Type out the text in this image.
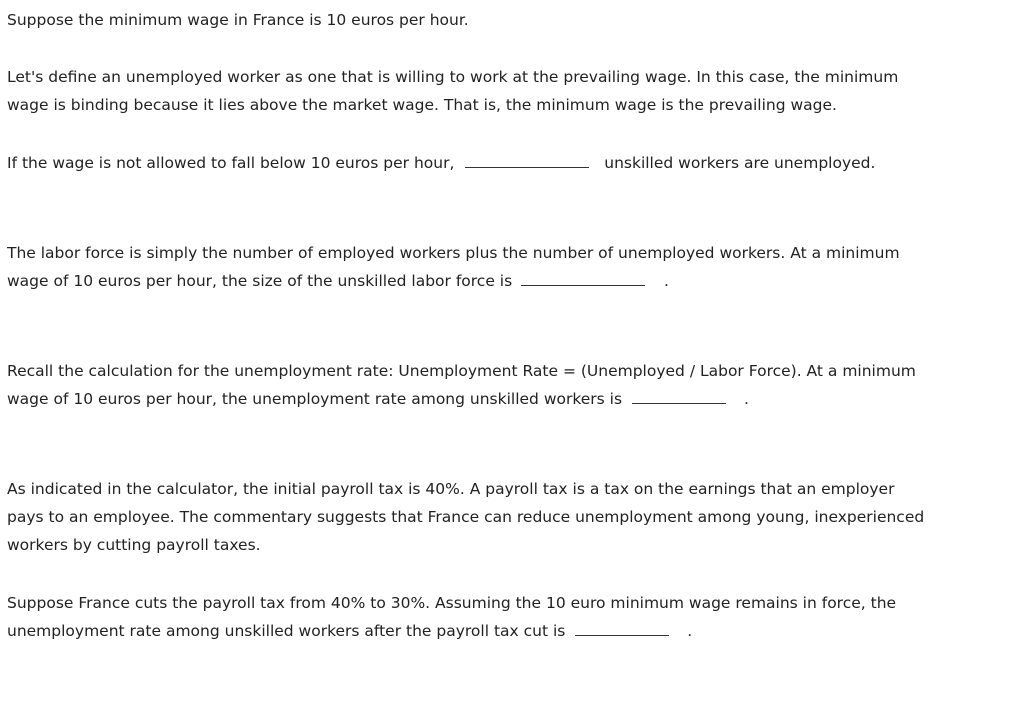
Suppose the minimum wage in France is 10 euros per hour.
Let's define an unemployed worker as one that is willing to work at the prevailing wage. In this case, the minimum
wage is binding because it lies above the market wage. That is, the minimum wage is the prevailing wage.
If the wage is not allowed to fall below 10 euros per hour,	unskilled workers are unemployed.
The labor force is simply the number of employed workers plus the number of unemployed workers. At a minimum
wage of 10 euros per hour, the size of the unskilled labor force is	.
Recall the calculation for the unemployment rate: Unemployment Rate = (Unemployed / Labor Force). At a minimum
wage of 10 euros per hour, the unemployment rate among unskilled workers is	.
As indicated in the calculator, the initial payroll tax is 40%. A payroll tax is a tax on the earnings that an employer
pays to an employee. The commentary suggests that France can reduce unemployment among young, inexperienced
workers by cutting payroll taxes.
Suppose France cuts the payroll tax from 40% to 30%. Assuming the 10 euro minimum wage remains in force, the
unemployment rate among unskilled workers after the payroll tax cut is	.
